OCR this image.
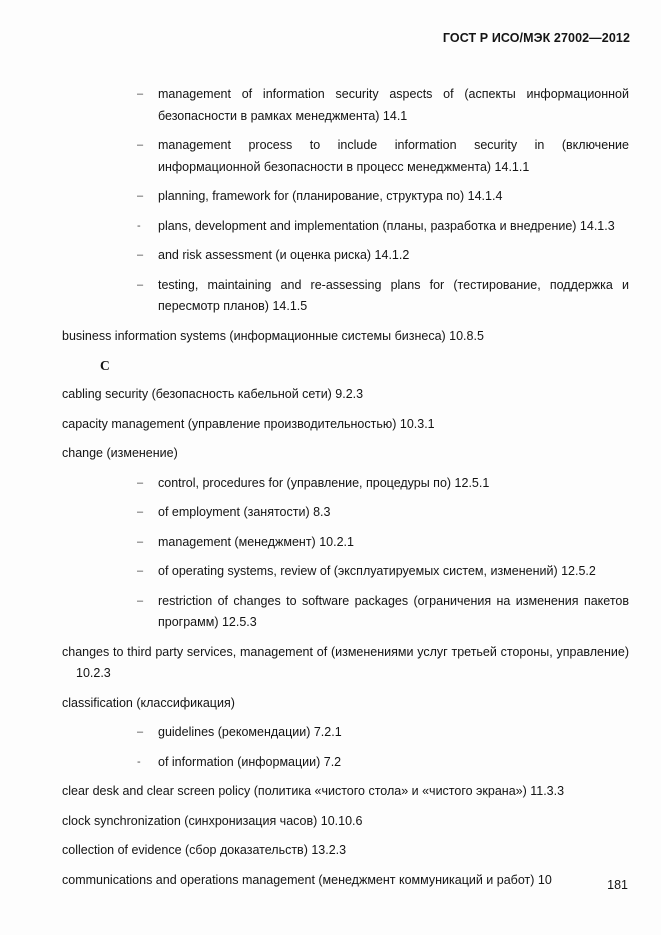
ГОСТ Р ИСО/МЭК 27002—2012
– management of information security aspects of (аспекты информационной безопасности в рамках менеджмента) 14.1
– management process to include information security in (включение информационной безопасности в процесс менеджмента) 14.1.1
– planning, framework for (планирование, структура по) 14.1.4
- plans, development and implementation (планы, разработка и внедрение) 14.1.3
– and risk assessment (и оценка риска) 14.1.2
– testing, maintaining and re-assessing plans for (тестирование, поддержка и пересмотр планов) 14.1.5
business information systems (информационные системы бизнеса) 10.8.5
С
cabling security (безопасность кабельной сети) 9.2.3
capacity management (управление производительностью) 10.3.1
change (изменение)
– control, procedures for (управление, процедуры по) 12.5.1
– of employment (занятости) 8.3
– management (менеджмент) 10.2.1
– of operating systems, review of (эксплуатируемых систем, изменений) 12.5.2
– restriction of changes to software packages (ограничения на изменения пакетов программ) 12.5.3
changes to third party services, management of (изменениями услуг третьей стороны, управление) 10.2.3
classification (классификация)
– guidelines (рекомендации) 7.2.1
- of information (информации) 7.2
clear desk and clear screen policy (политика «чистого стола» и «чистого экрана») 11.3.3
clock synchronization (синхронизация часов) 10.10.6
collection of evidence (сбор доказательств) 13.2.3
communications and operations management (менеджмент коммуникаций и работ) 10	181
